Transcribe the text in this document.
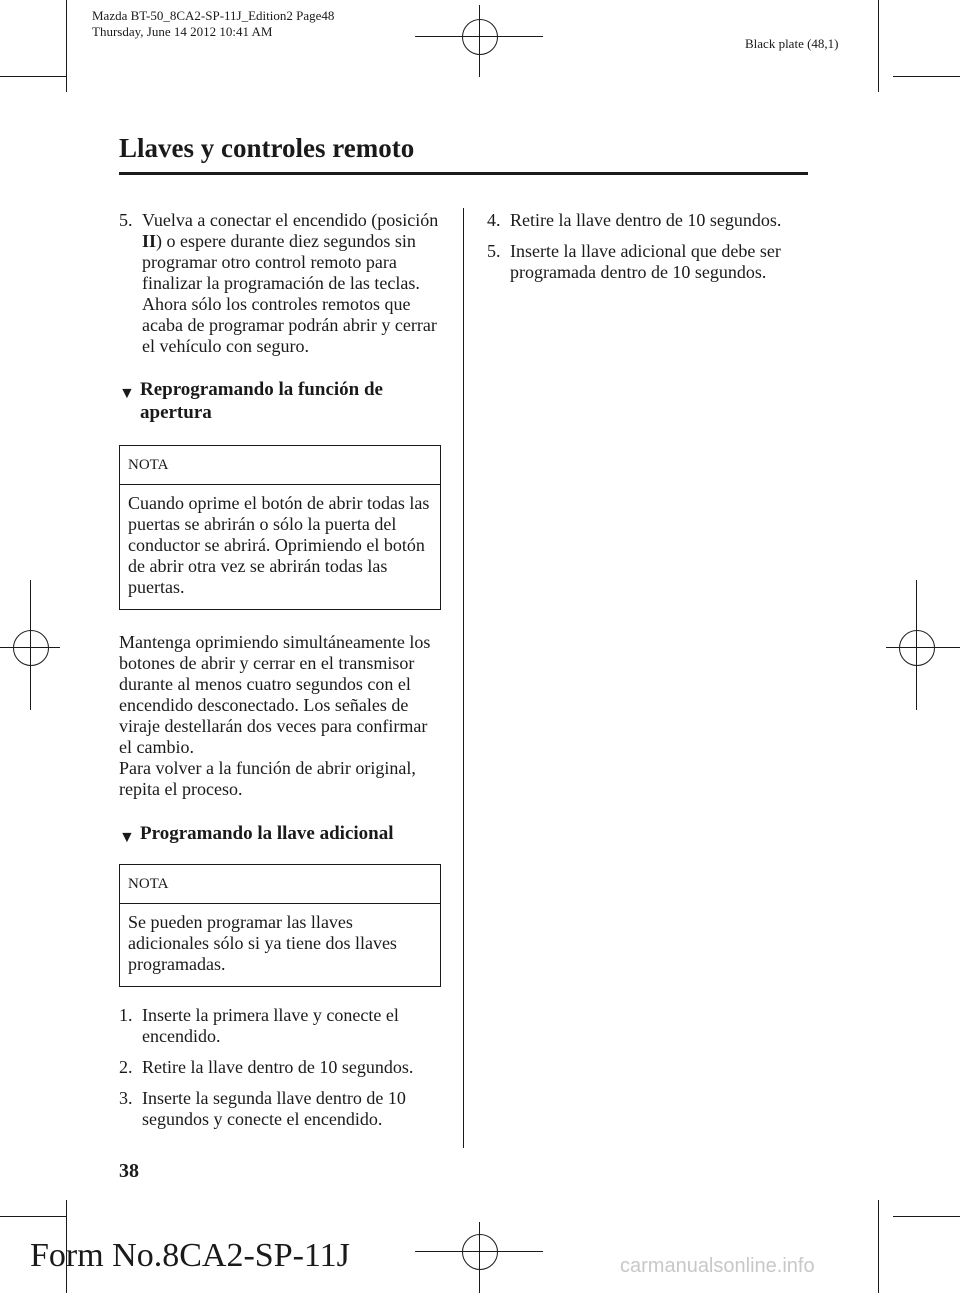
Mazda BT-50_8CA2-SP-11J_Edition2 Page48
Thursday, June 14 2012 10:41 AM
Black plate (48,1)
Llaves y controles remoto
5. Vuelva a conectar el encendido (posición II) o espere durante diez segundos sin programar otro control remoto para finalizar la programación de las teclas. Ahora sólo los controles remotos que acaba de programar podrán abrir y cerrar el vehículo con seguro.
▼ Reprogramando la función de apertura
NOTA
Cuando oprime el botón de abrir todas las puertas se abrirán o sólo la puerta del conductor se abrirá. Oprimiendo el botón de abrir otra vez se abrirán todas las puertas.

Mantenga oprimiendo simultáneamente los botones de abrir y cerrar en el transmisor durante al menos cuatro segundos con el encendido desconectado. Los señales de viraje destellarán dos veces para confirmar el cambio.

Para volver a la función de abrir original, repita el proceso.

▼ Programando la llave adicional
NOTA
Se pueden programar las llaves adicionales sólo si ya tiene dos llaves programadas.
1. Inserte la primera llave y conecte el encendido.
2. Retire la llave dentro de 10 segundos.
3. Inserte la segunda llave dentro de 10 segundos y conecte el encendido.
4. Retire la llave dentro de 10 segundos.
5. Inserte la llave adicional que debe ser programada dentro de 10 segundos.
38
Form No.8CA2-SP-11J	carmanualsonline.info
